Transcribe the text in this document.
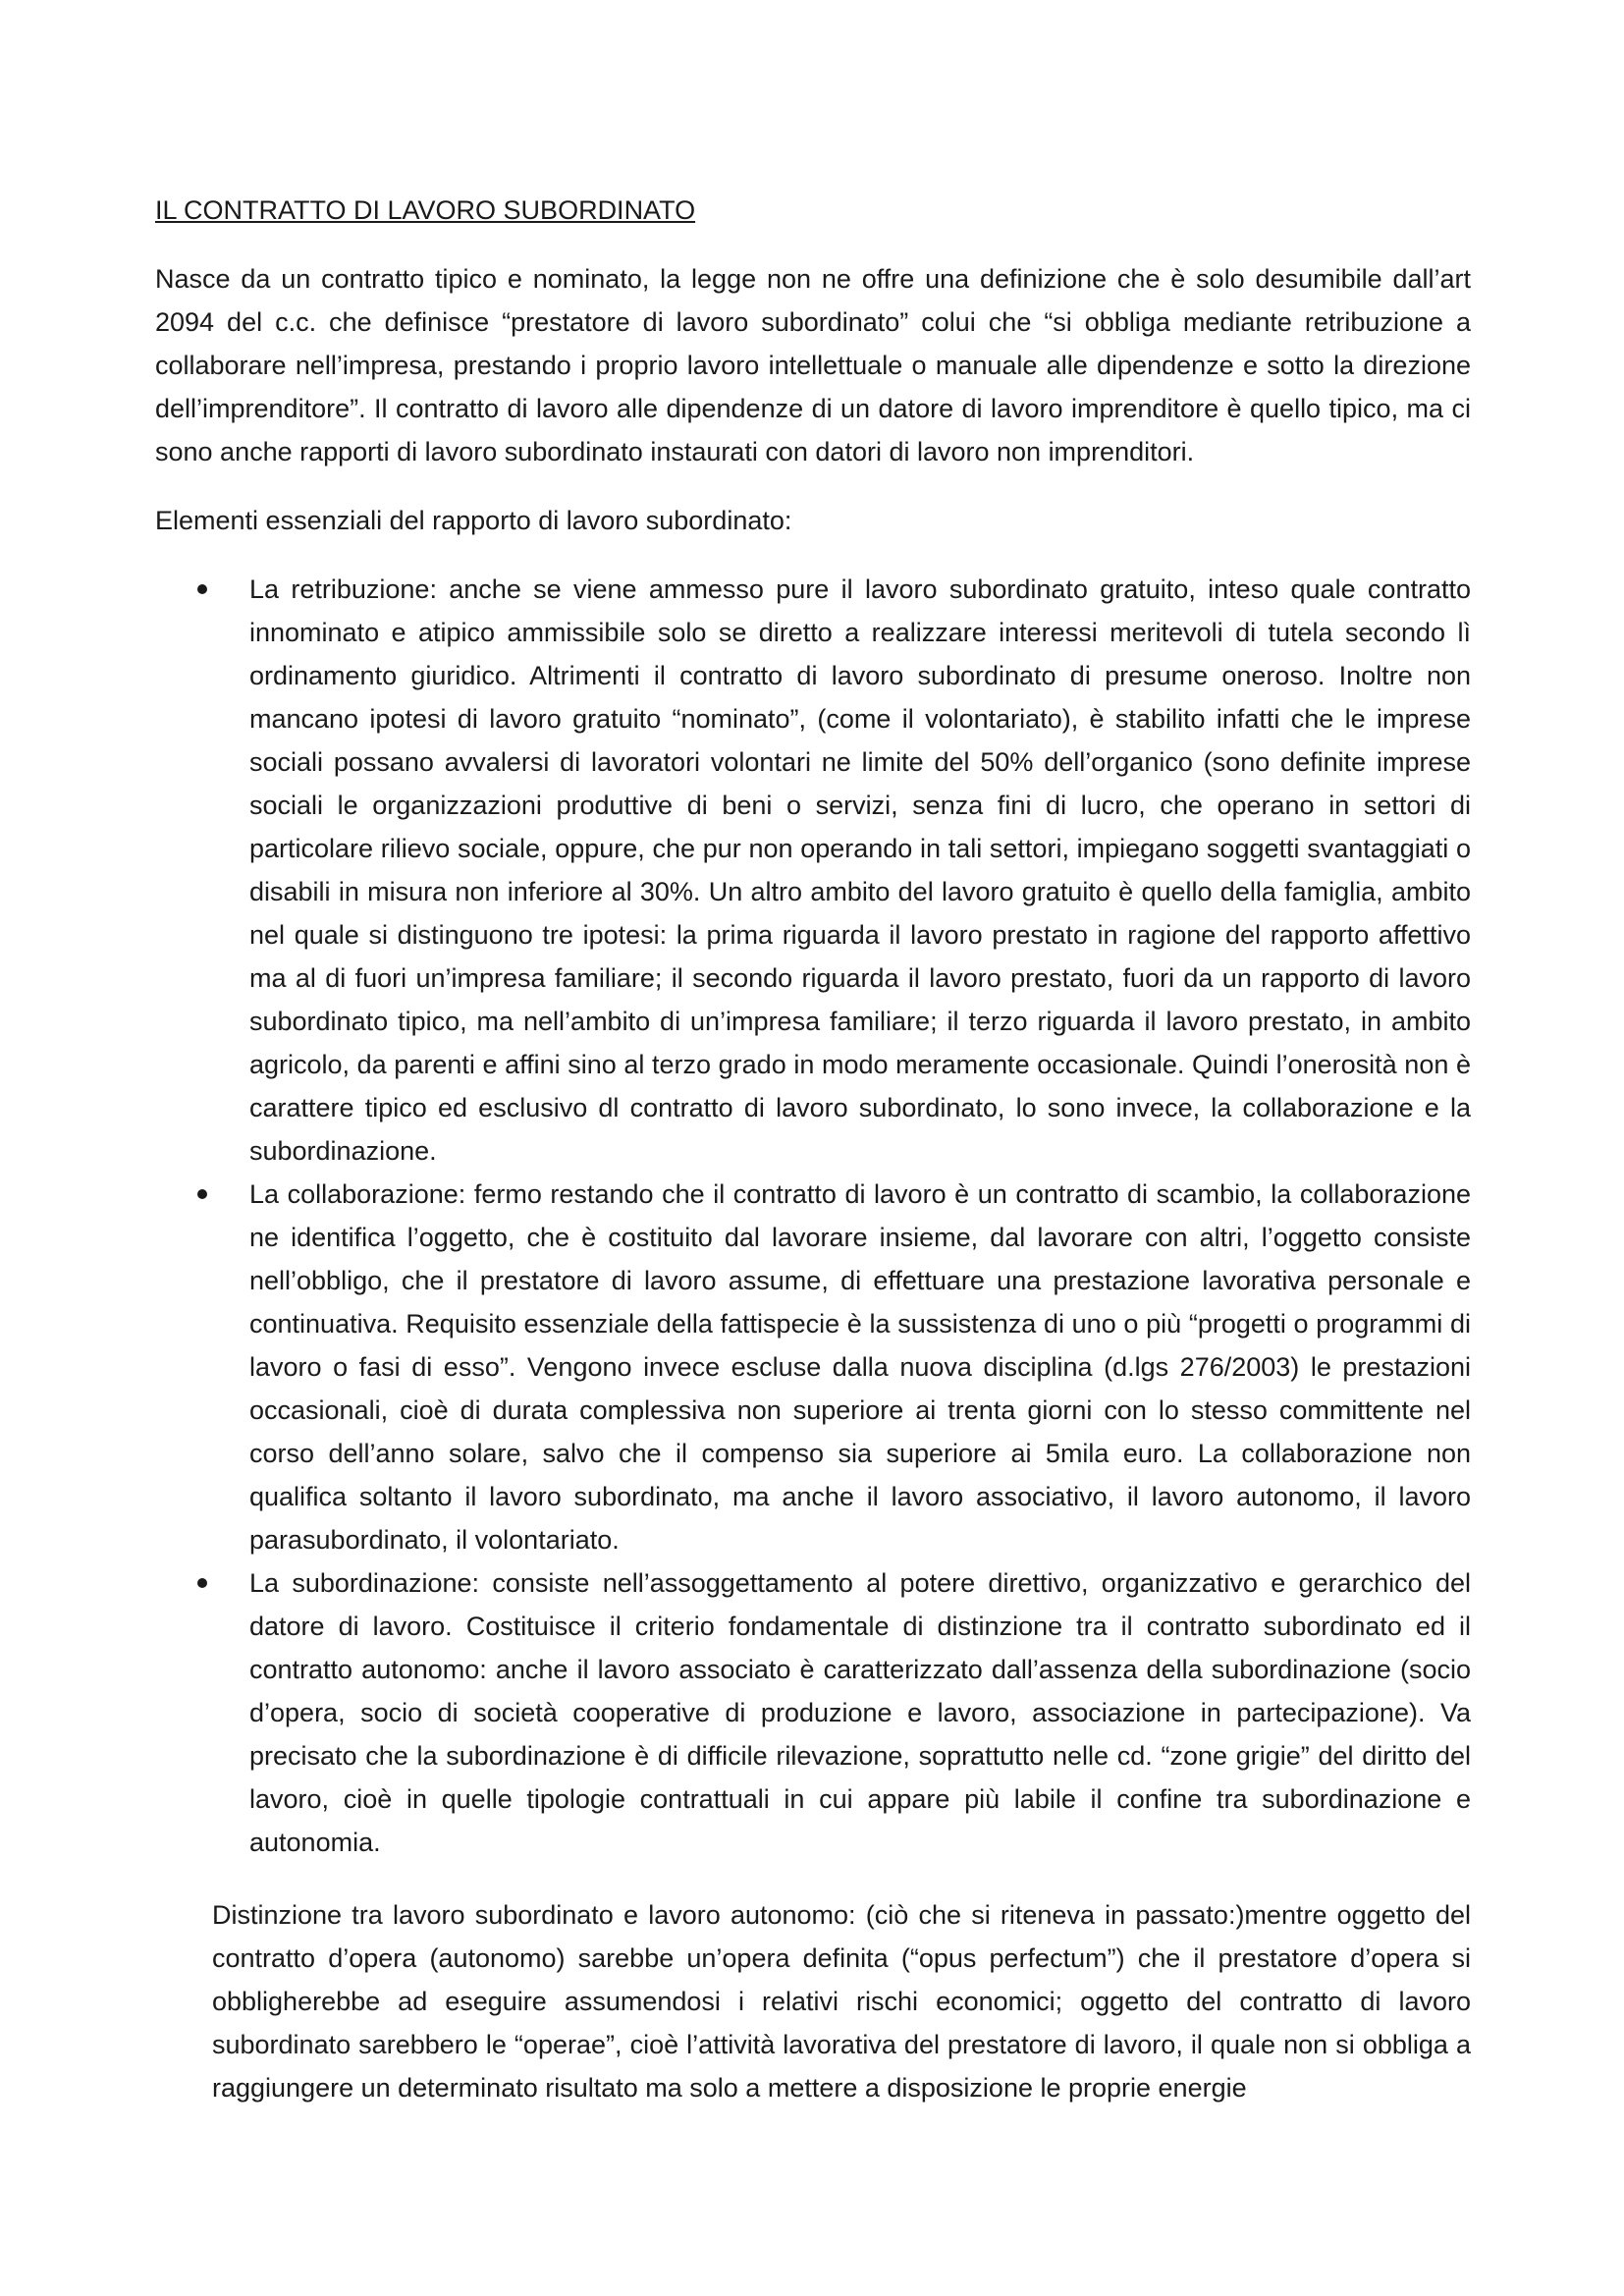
IL CONTRATTO DI LAVORO SUBORDINATO

Nasce da un contratto tipico e nominato, la legge non ne offre una definizione che è solo desumibile dall’art 2094 del c.c. che definisce “prestatore di lavoro subordinato” colui che “si obbliga mediante retribuzione a collaborare nell’impresa, prestando i proprio lavoro intellettuale o manuale alle dipendenze e sotto la direzione dell’imprenditore”. Il contratto di lavoro alle dipendenze di un datore di lavoro imprenditore è quello tipico, ma ci sono anche rapporti di lavoro subordinato instaurati con datori di lavoro non imprenditori.

Elementi essenziali del rapporto di lavoro subordinato:

La retribuzione: anche se viene ammesso pure il lavoro subordinato gratuito, inteso quale contratto innominato e atipico ammissibile solo se diretto a realizzare interessi meritevoli di tutela secondo lì ordinamento giuridico. Altrimenti il contratto di lavoro subordinato di presume oneroso. Inoltre non mancano ipotesi di lavoro gratuito “nominato”, (come il volontariato), è stabilito infatti che le imprese sociali possano avvalersi di lavoratori volontari ne limite del 50% dell’organico (sono definite imprese sociali le organizzazioni produttive di beni o servizi, senza fini di lucro, che operano in settori di particolare rilievo sociale, oppure, che pur non operando in tali settori, impiegano soggetti svantaggiati o disabili in misura non inferiore al 30%. Un altro ambito del lavoro gratuito è quello della famiglia, ambito nel quale si distinguono tre ipotesi: la prima riguarda il lavoro prestato in ragione del rapporto affettivo ma al di fuori un’impresa familiare; il secondo riguarda il lavoro prestato, fuori da un rapporto di lavoro subordinato tipico, ma nell’ambito di un’impresa familiare; il terzo riguarda il lavoro prestato, in ambito agricolo, da parenti e affini sino al terzo grado in modo meramente occasionale. Quindi l’onerosità non è carattere tipico ed esclusivo dl contratto di lavoro subordinato, lo sono invece, la collaborazione e la subordinazione.
La collaborazione: fermo restando che il contratto di lavoro è un contratto di scambio, la collaborazione ne identifica l’oggetto, che è costituito dal lavorare insieme, dal lavorare con altri, l’oggetto consiste nell’obbligo, che il prestatore di lavoro assume, di effettuare una prestazione lavorativa personale e continuativa. Requisito essenziale della fattispecie è la sussistenza di uno o più “progetti o programmi di lavoro o fasi di esso”. Vengono invece escluse dalla nuova disciplina (d.lgs 276/2003) le prestazioni occasionali, cioè di durata complessiva non superiore ai trenta giorni con lo stesso committente nel corso dell’anno solare, salvo che il compenso sia superiore ai 5mila euro. La collaborazione non qualifica soltanto il lavoro subordinato, ma anche il lavoro associativo, il lavoro autonomo, il lavoro parasubordinato, il volontariato.
La subordinazione: consiste nell’assoggettamento al potere direttivo, organizzativo e gerarchico del datore di lavoro. Costituisce il criterio fondamentale di distinzione tra il contratto subordinato ed il contratto autonomo: anche il lavoro associato è caratterizzato dall’assenza della subordinazione (socio d’opera, socio di società cooperative di produzione e lavoro, associazione in partecipazione). Va precisato che la subordinazione è di difficile rilevazione, soprattutto nelle cd. “zone grigie” del diritto del lavoro, cioè in quelle tipologie contrattuali in cui appare più labile il confine tra subordinazione e autonomia.

Distinzione tra lavoro subordinato e lavoro autonomo: (ciò che si riteneva in passato:)mentre oggetto del contratto d’opera (autonomo) sarebbe un’opera definita (“opus perfectum”) che il prestatore d’opera si obbligherebbe ad eseguire assumendosi i relativi rischi economici; oggetto del contratto di lavoro subordinato sarebbero le “operae”, cioè l’attività lavorativa del prestatore di lavoro, il quale non si obbliga a raggiungere un determinato risultato ma solo a mettere a disposizione le proprie energie
